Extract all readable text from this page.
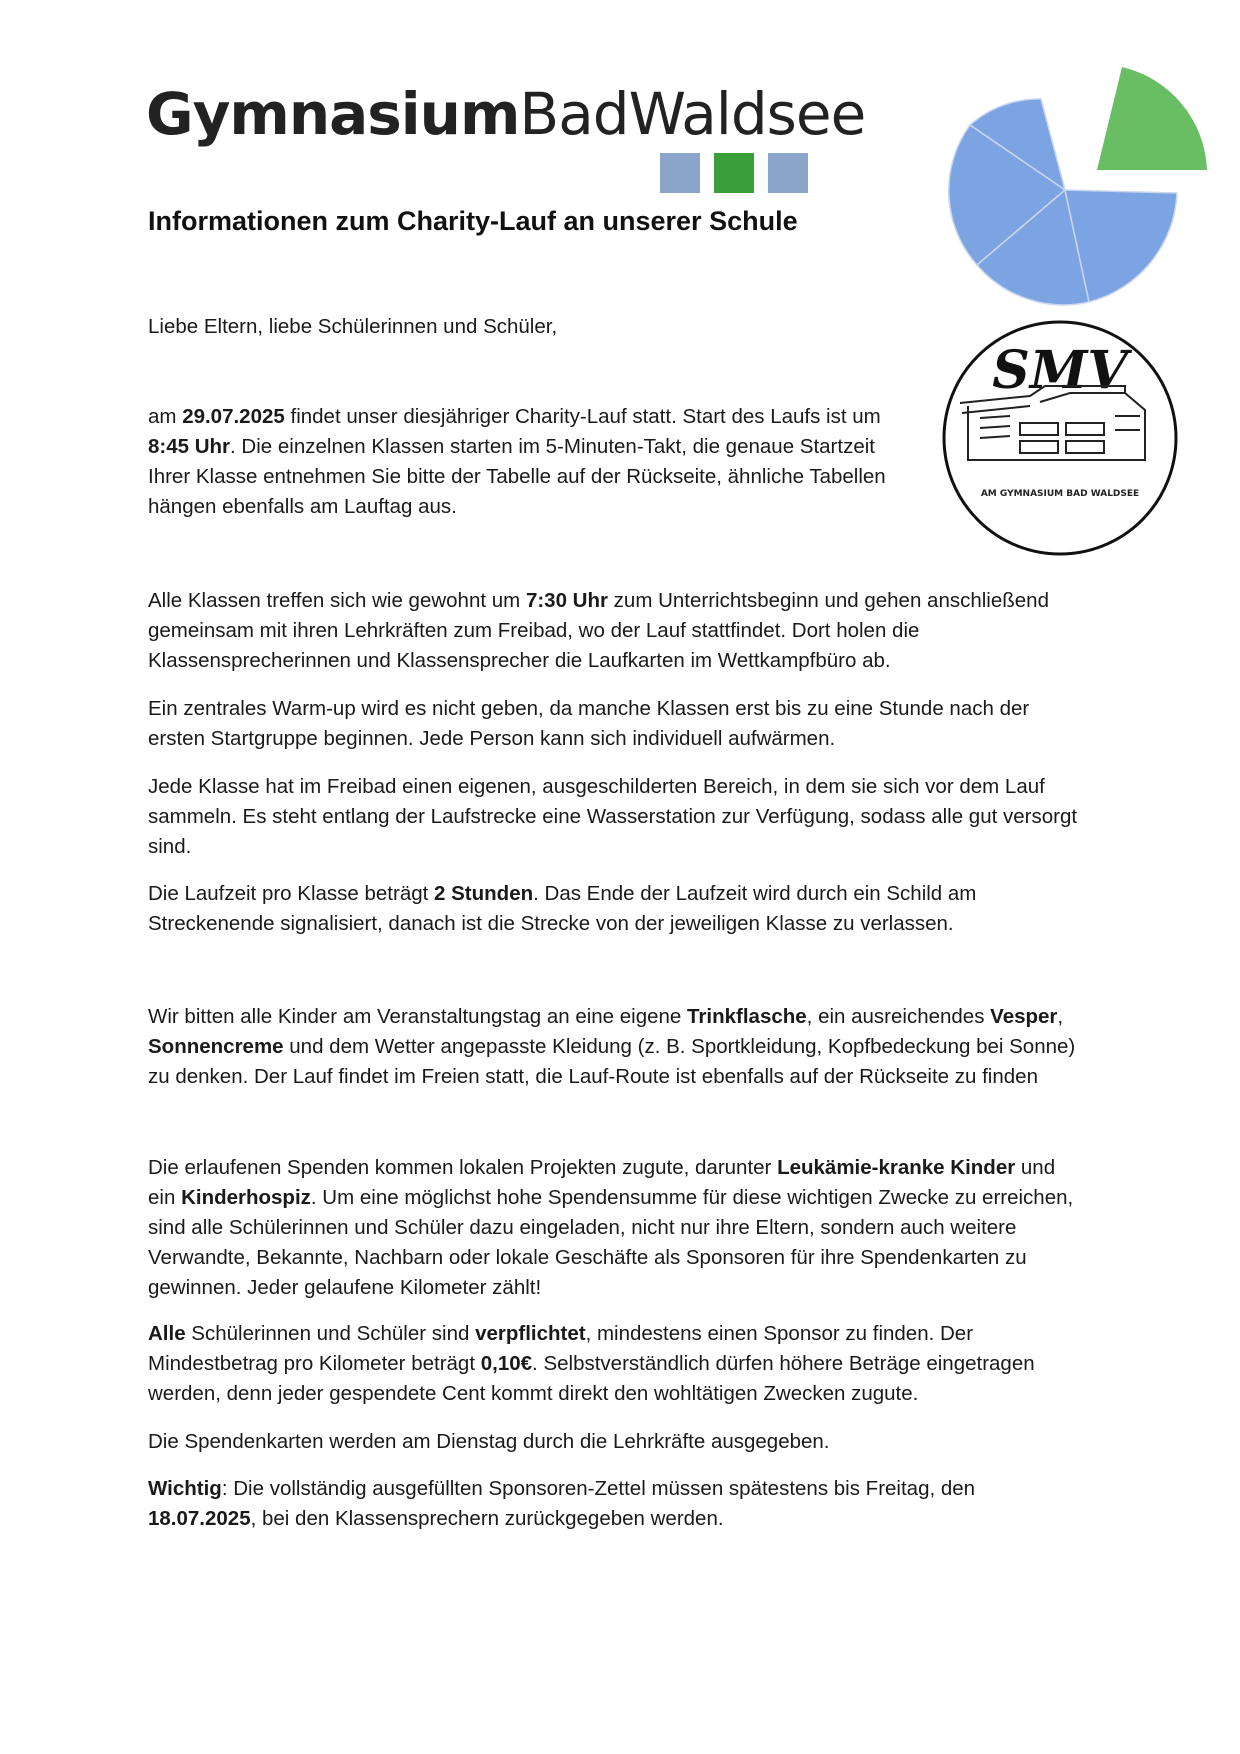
GymnasiumBadWaldsee
SMV
AM GYMNASIUM BAD WALDSEE
Informationen zum Charity-Lauf an unserer Schule
Liebe Eltern, liebe Schülerinnen und Schüler,
am 29.07.2025 findet unser diesjähriger Charity-Lauf statt. Start des Laufs ist um 8:45 Uhr. Die einzelnen Klassen starten im 5-Minuten-Takt, die genaue Startzeit Ihrer Klasse entnehmen Sie bitte der Tabelle auf der Rückseite, ähnliche Tabellen hängen ebenfalls am Lauftag aus.
Alle Klassen treffen sich wie gewohnt um 7:30 Uhr zum Unterrichtsbeginn und gehen anschließend gemeinsam mit ihren Lehrkräften zum Freibad, wo der Lauf stattfindet. Dort holen die Klassensprecherinnen und Klassensprecher die Laufkarten im Wettkampfbüro ab.
Ein zentrales Warm-up wird es nicht geben, da manche Klassen erst bis zu eine Stunde nach der ersten Startgruppe beginnen. Jede Person kann sich individuell aufwärmen.
Jede Klasse hat im Freibad einen eigenen, ausgeschilderten Bereich, in dem sie sich vor dem Lauf sammeln. Es steht entlang der Laufstrecke eine Wasserstation zur Verfügung, sodass alle gut versorgt sind.
Die Laufzeit pro Klasse beträgt 2 Stunden. Das Ende der Laufzeit wird durch ein Schild am Streckenende signalisiert, danach ist die Strecke von der jeweiligen Klasse zu verlassen.
Wir bitten alle Kinder am Veranstaltungstag an eine eigene Trinkflasche, ein ausreichendes Vesper, Sonnencreme und dem Wetter angepasste Kleidung (z. B. Sportkleidung, Kopfbedeckung bei Sonne) zu denken. Der Lauf findet im Freien statt, die Lauf-Route ist ebenfalls auf der Rückseite zu finden
Die erlaufenen Spenden kommen lokalen Projekten zugute, darunter Leukämie-kranke Kinder und ein Kinderhospiz. Um eine möglichst hohe Spendensumme für diese wichtigen Zwecke zu erreichen, sind alle Schülerinnen und Schüler dazu eingeladen, nicht nur ihre Eltern, sondern auch weitere Verwandte, Bekannte, Nachbarn oder lokale Geschäfte als Sponsoren für ihre Spendenkarten zu gewinnen. Jeder gelaufene Kilometer zählt!
Alle Schülerinnen und Schüler sind verpflichtet, mindestens einen Sponsor zu finden. Der Mindestbetrag pro Kilometer beträgt 0,10€. Selbstverständlich dürfen höhere Beträge eingetragen werden, denn jeder gespendete Cent kommt direkt den wohltätigen Zwecken zugute.
Die Spendenkarten werden am Dienstag durch die Lehrkräfte ausgegeben.
Wichtig: Die vollständig ausgefüllten Sponsoren-Zettel müssen spätestens bis Freitag, den 18.07.2025, bei den Klassensprechern zurückgegeben werden.
